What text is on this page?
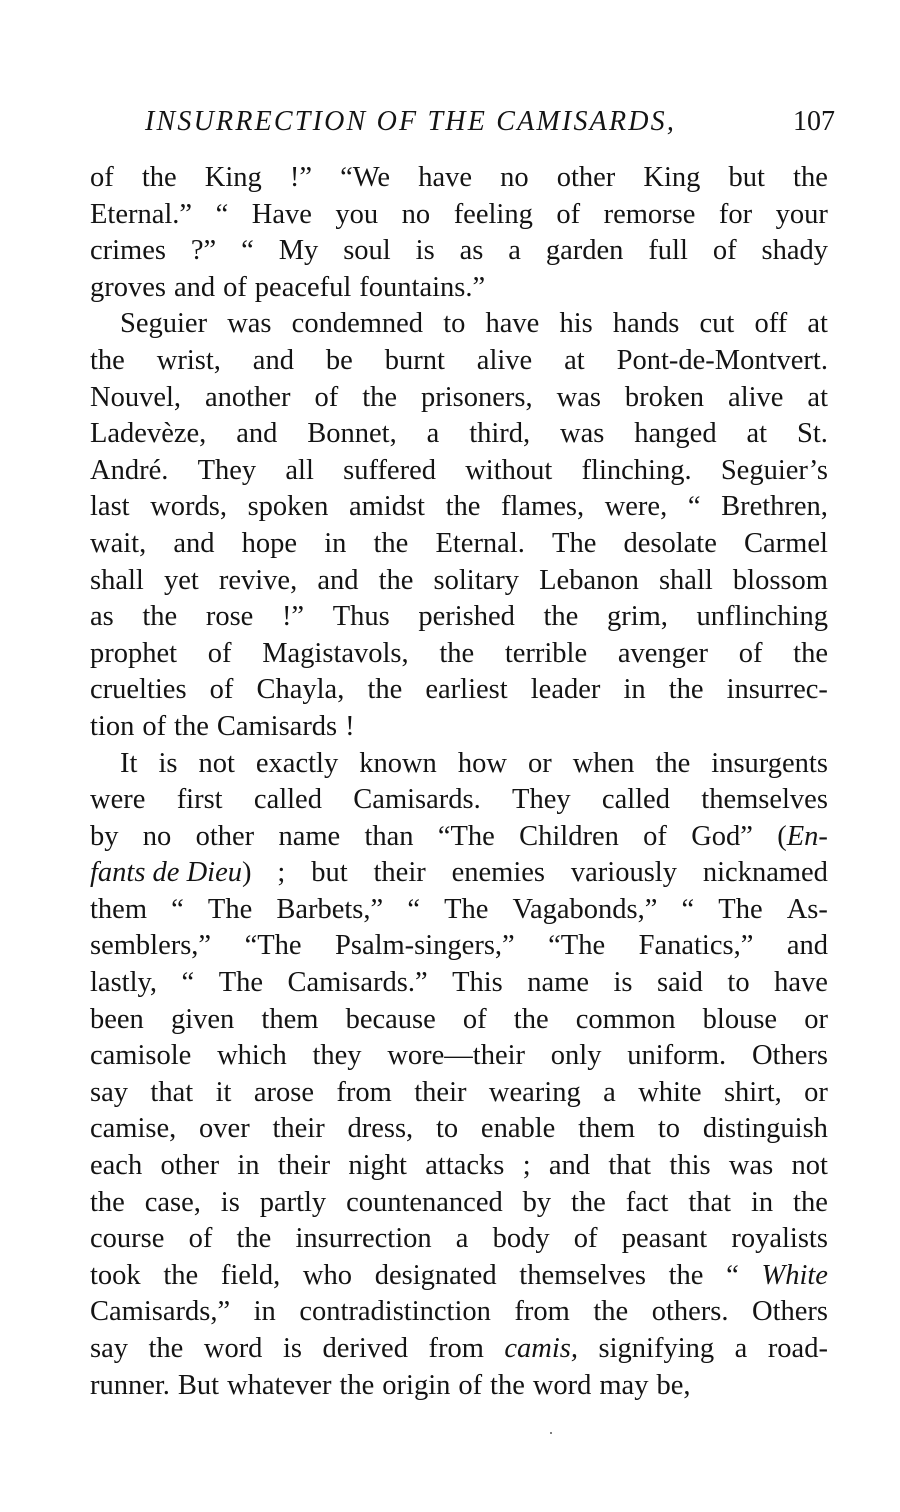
INSURRECTION OF THE CAMISARDS,	107
of the King !” “We have no other King but the
Eternal.” “ Have you no feeling of remorse for your
crimes ?” “ My soul is as a garden full of shady
groves and of peaceful fountains.”
Seguier was condemned to have his hands cut off at
the wrist, and be burnt alive at Pont-de-Montvert.
Nouvel, another of the prisoners, was broken alive at
Ladevèze, and Bonnet, a third, was hanged at St.
André. They all suffered without flinching. Seguier’s
last words, spoken amidst the flames, were, “ Brethren,
wait, and hope in the Eternal. The desolate Carmel
shall yet revive, and the solitary Lebanon shall blossom
as the rose !” Thus perished the grim, unflinching
prophet of Magistavols, the terrible avenger of the
cruelties of Chayla, the earliest leader in the insurrec-
tion of the Camisards !
It is not exactly known how or when the insurgents
were first called Camisards. They called themselves
by no other name than “The Children of God” (En-
fants de Dieu) ; but their enemies variously nicknamed
them “ The Barbets,” “ The Vagabonds,” “ The As-
semblers,” “The Psalm-singers,” “The Fanatics,” and
lastly, “ The Camisards.” This name is said to have
been given them because of the common blouse or
camisole which they wore—their only uniform. Others
say that it arose from their wearing a white shirt, or
camise, over their dress, to enable them to distinguish
each other in their night attacks ; and that this was not
the case, is partly countenanced by the fact that in the
course of the insurrection a body of peasant royalists
took the field, who designated themselves the “ White
Camisards,” in contradistinction from the others. Others
say the word is derived from camis, signifying a road-
runner. But whatever the origin of the word may be,
